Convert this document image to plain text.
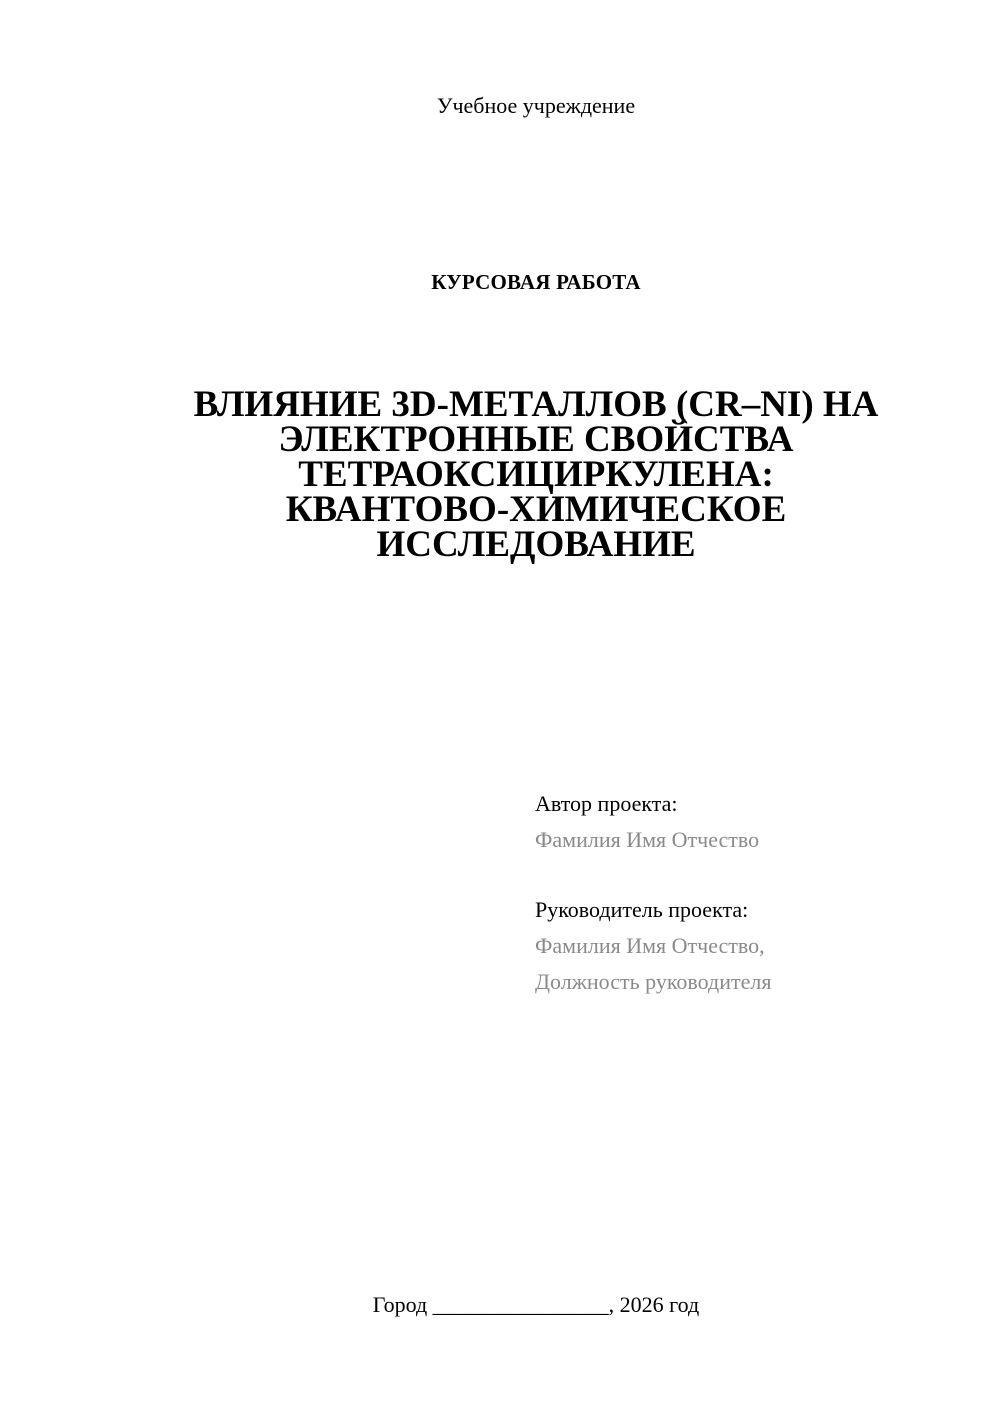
Учебное учреждение
КУРСОВАЯ РАБОТА
ВЛИЯНИЕ 3D-МЕТАЛЛОВ (CR–NI) НА
ЭЛЕКТРОННЫЕ СВОЙСТВА
ТЕТРАОКСИЦИРКУЛЕНА:
КВАНТОВО-ХИМИЧЕСКОЕ
ИССЛЕДОВАНИЕ
Автор проекта:
Фамилия Имя Отчество
Руководитель проекта:
Фамилия Имя Отчество,
Должность руководителя
Город ________________, 2026 год
